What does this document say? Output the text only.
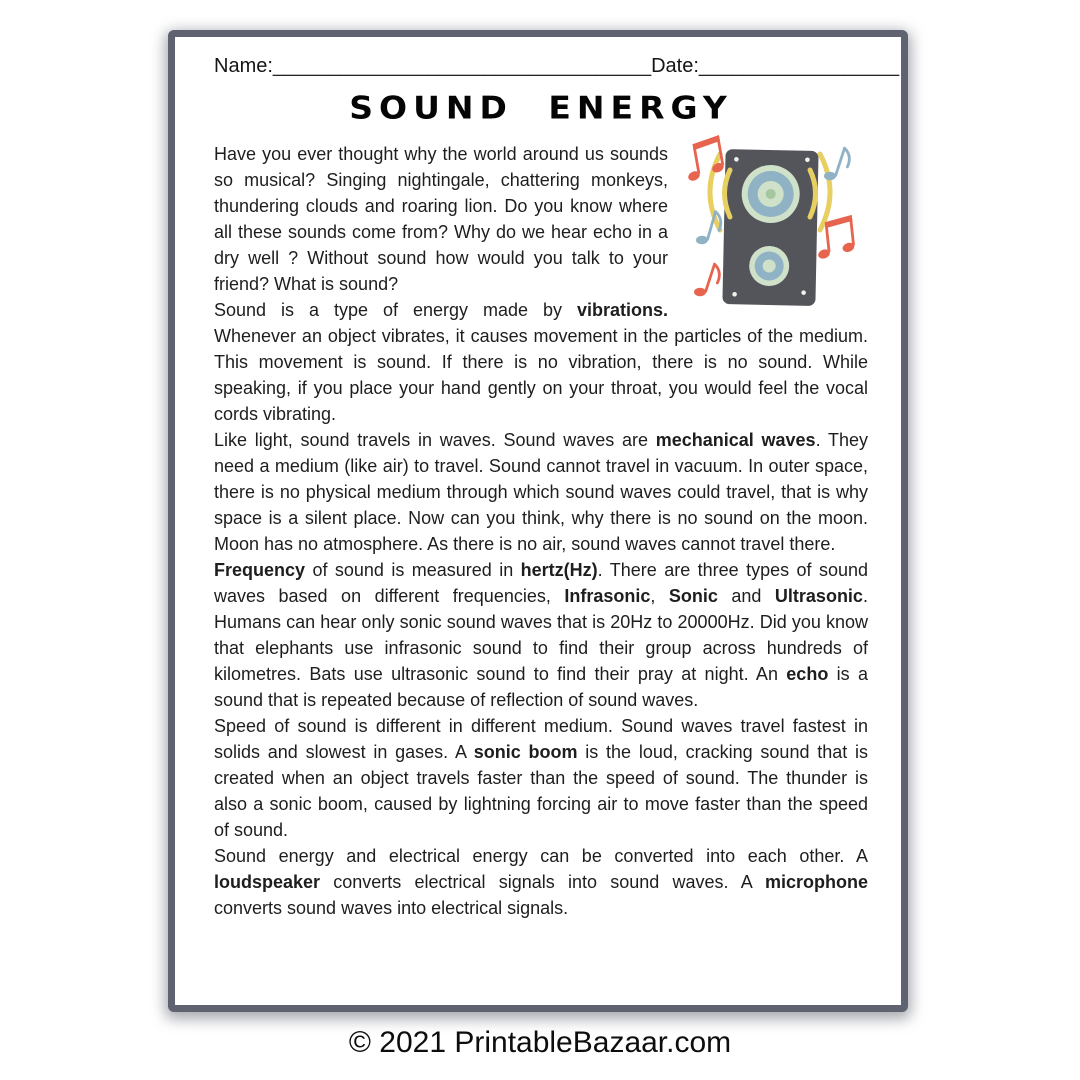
Name:__________________________________ Date:__________________
SOUND ENERGY

Have you ever thought why the world around us sounds so musical? Singing nightingale, chattering monkeys, thundering clouds and roaring lion. Do you know where all these sounds come from? Why do we hear echo in a dry well ? Without sound how would you talk to your friend? What is sound?

Sound is a type of energy made by vibrations. Whenever an object vibrates, it causes movement in the particles of the medium. This movement is sound. If there is no vibration, there is no sound. While speaking, if you place your hand gently on your throat, you would feel the vocal cords vibrating.

Like light, sound travels in waves. Sound waves are mechanical waves. They need a medium (like air) to travel. Sound cannot travel in vacuum. In outer space, there is no physical medium through which sound waves could travel, that is why space is a silent place. Now can you think, why there is no sound on the moon. Moon has no atmosphere. As there is no air, sound waves cannot travel there.

Frequency of sound is measured in hertz(Hz). There are three types of sound waves based on different frequencies, Infrasonic, Sonic and Ultrasonic. Humans can hear only sonic sound waves that is 20Hz to 20000Hz. Did you know that elephants use infrasonic sound to find their group across hundreds of kilometres. Bats use ultrasonic sound to find their pray at night. An echo is a sound that is repeated because of reflection of sound waves.

Speed of sound is different in different medium. Sound waves travel fastest in solids and slowest in gases. A sonic boom is the loud, cracking sound that is created when an object travels faster than the speed of sound. The thunder is also a sonic boom, caused by lightning forcing air to move faster than the speed of sound.

Sound energy and electrical energy can be converted into each other. A loudspeaker converts electrical signals into sound waves. A microphone converts sound waves into electrical signals.

© 2021 PrintableBazaar.com
